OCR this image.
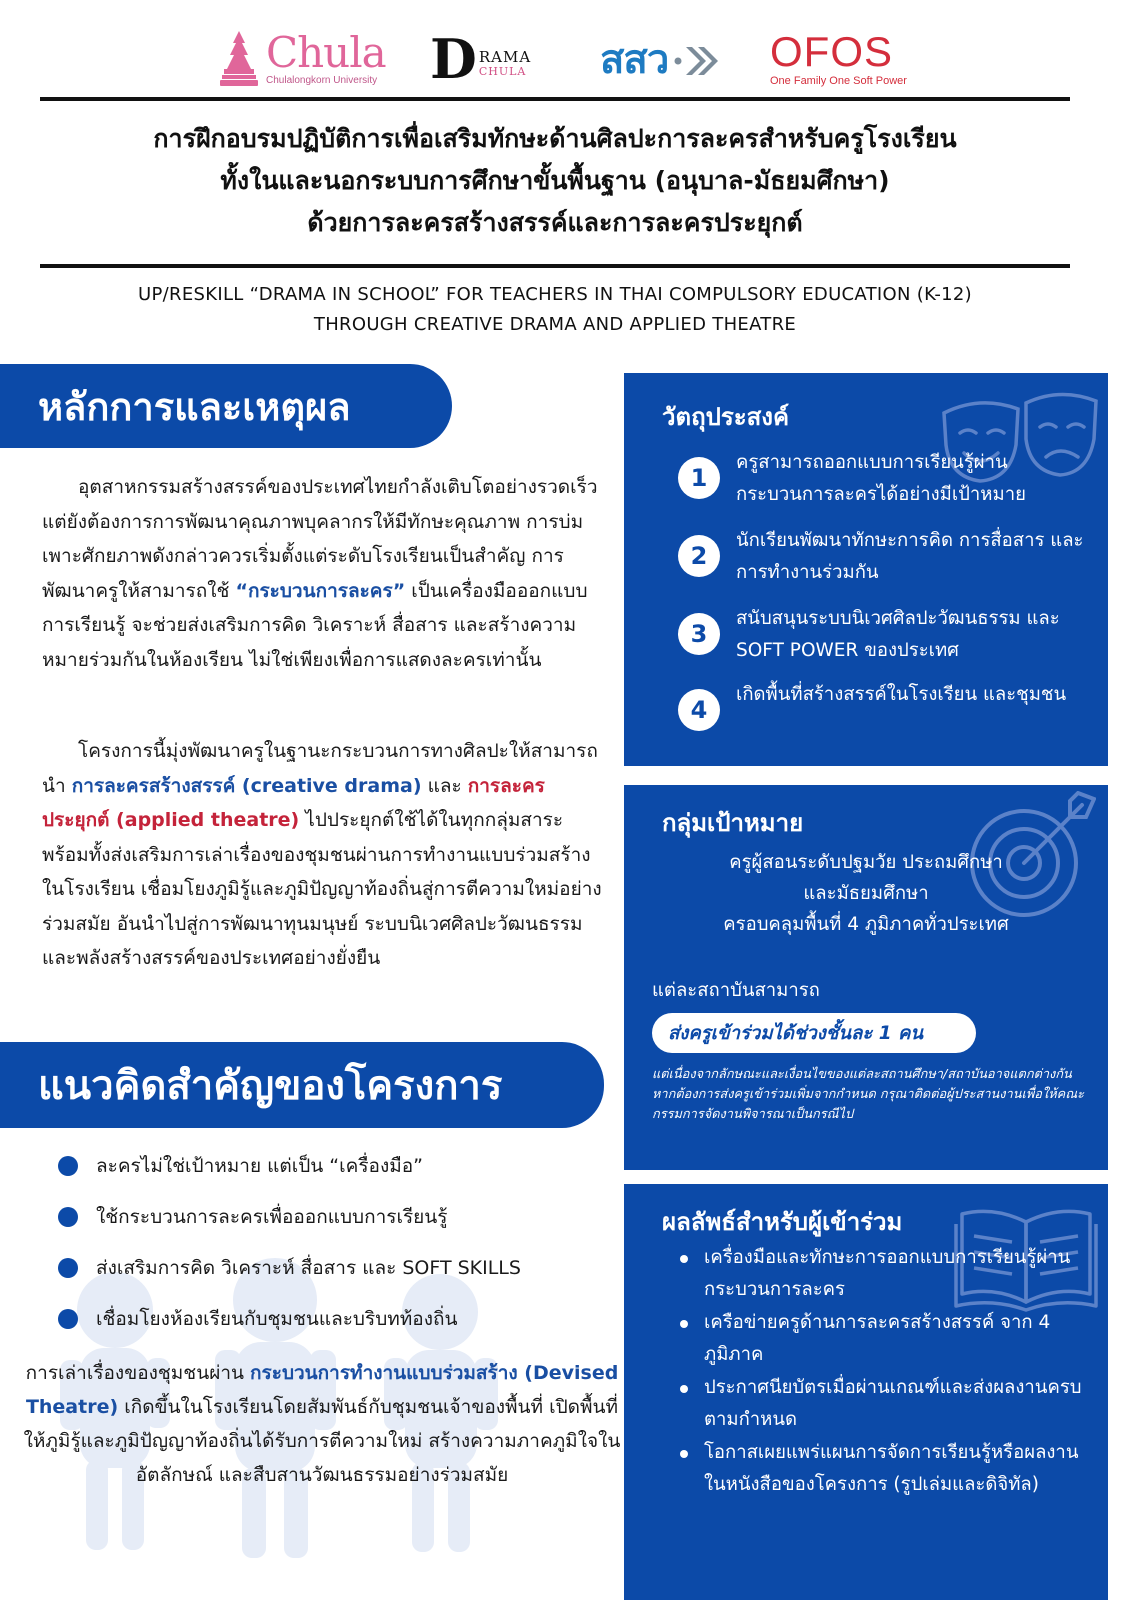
Chula
Chulalongkorn University D RAMA
CHULA สสว OFOS
One Family One Soft Power
การฝึกอบรมปฏิบัติการเพื่อเสริมทักษะด้านศิลปะการละครสำหรับครูโรงเรียน
ทั้งในและนอกระบบการศึกษาขั้นพื้นฐาน (อนุบาล-มัธยมศึกษา)
ด้วยการละครสร้างสรรค์และการละครประยุกต์
UP/RESKILL “DRAMA IN SCHOOL” FOR TEACHERS IN THAI COMPULSORY EDUCATION (K-12)
THROUGH CREATIVE DRAMA AND APPLIED THEATRE
หลักการและเหตุผล

อุตสาหกรรมสร้างสรรค์ของประเทศไทยกำลังเติบโตอย่างรวดเร็ว แต่ยังต้องการการพัฒนาคุณภาพบุคลากรให้มีทักษะคุณภาพ การบ่มเพาะศักยภาพดังกล่าวควรเริ่มตั้งแต่ระดับโรงเรียนเป็นสำคัญ การพัฒนาครูให้สามารถใช้ “กระบวนการละคร” เป็นเครื่องมือออกแบบการเรียนรู้ จะช่วยส่งเสริมการคิด วิเคราะห์ สื่อสาร และสร้างความหมายร่วมกันในห้องเรียน ไม่ใช่เพียงเพื่อการแสดงละครเท่านั้น

โครงการนี้มุ่งพัฒนาครูในฐานะกระบวนการทางศิลปะให้สามารถนำ การละครสร้างสรรค์ (creative drama) และ การละครประยุกต์ (applied theatre) ไปประยุกต์ใช้ได้ในทุกกลุ่มสาระ พร้อมทั้งส่งเสริมการเล่าเรื่องของชุมชนผ่านการทำงานแบบร่วมสร้างในโรงเรียน เชื่อมโยงภูมิรู้และภูมิปัญญาท้องถิ่นสู่การตีความใหม่อย่างร่วมสมัย อันนำไปสู่การพัฒนาทุนมนุษย์ ระบบนิเวศศิลปะวัฒนธรรม และพลังสร้างสรรค์ของประเทศอย่างยั่งยืน

แนวคิดสำคัญของโครงการ
ละครไม่ใช่เป้าหมาย แต่เป็น “เครื่องมือ”
ใช้กระบวนการละครเพื่อออกแบบการเรียนรู้
ส่งเสริมการคิด วิเคราะห์ สื่อสาร และ SOFT SKILLS
เชื่อมโยงห้องเรียนกับชุมชนและบริบทท้องถิ่น

การเล่าเรื่องของชุมชนผ่าน กระบวนการทำงานแบบร่วมสร้าง (Devised Theatre) เกิดขึ้นในโรงเรียนโดยสัมพันธ์กับชุมชนเจ้าของพื้นที่ เปิดพื้นที่ให้ภูมิรู้และภูมิปัญญาท้องถิ่นได้รับการตีความใหม่ สร้างความภาคภูมิใจในอัตลักษณ์ และสืบสานวัฒนธรรมอย่างร่วมสมัย

วัตถุประสงค์
1
ครูสามารถออกแบบการเรียนรู้ผ่านกระบวนการละครได้อย่างมีเป้าหมาย
2
นักเรียนพัฒนาทักษะการคิด การสื่อสาร และการทำงานร่วมกัน
3
สนับสนุนระบบนิเวศศิลปะวัฒนธรรม และ SOFT POWER ของประเทศ
4
เกิดพื้นที่สร้างสรรค์ในโรงเรียน และชุมชน
กลุ่มเป้าหมาย
ครูผู้สอนระดับปฐมวัย ประถมศึกษา
และมัธยมศึกษา
ครอบคลุมพื้นที่ 4 ภูมิภาคทั่วประเทศ
แต่ละสถาบันสามารถ
ส่งครูเข้าร่วมได้ช่วงชั้นละ 1 คน
แต่เนื่องจากลักษณะและเงื่อนไขของแต่ละสถานศึกษา/สถาบันอาจแตกต่างกัน หากต้องการส่งครูเข้าร่วมเพิ่มจากกำหนด กรุณาติดต่อผู้ประสานงานเพื่อให้คณะกรรมการจัดงานพิจารณาเป็นกรณีไป
ผลลัพธ์สำหรับผู้เข้าร่วม
เครื่องมือและทักษะการออกแบบการเรียนรู้ผ่านกระบวนการละคร
เครือข่ายครูด้านการละครสร้างสรรค์ จาก 4 ภูมิภาค
ประกาศนียบัตรเมื่อผ่านเกณฑ์และส่งผลงานครบตามกำหนด
โอกาสเผยแพร่แผนการจัดการเรียนรู้หรือผลงานในหนังสือของโครงการ (รูปเล่มและดิจิทัล)
